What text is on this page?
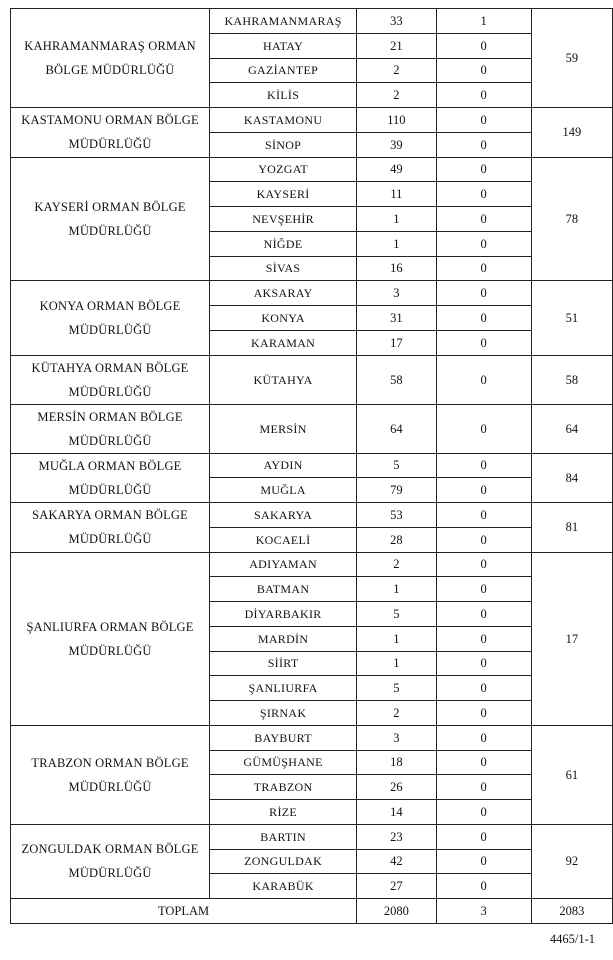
KAHRAMANMARAŞ ORMAN BÖLGE MÜDÜRLÜĞÜ	KAHRAMANMARAŞ	33	1	59
	HATAY	21	0	
	GAZİANTEP	2	0	
	KİLİS	2	0	
KASTAMONU ORMAN BÖLGE MÜDÜRLÜĞÜ	KASTAMONU	110	0	149
	SİNOP	39	0	
KAYSERİ ORMAN BÖLGE MÜDÜRLÜĞÜ	YOZGAT	49	0	78
	KAYSERİ	11	0	
	NEVŞEHİR	1	0	
	NİĞDE	1	0	
	SİVAS	16	0	
KONYA ORMAN BÖLGE MÜDÜRLÜĞÜ	AKSARAY	3	0	51
	KONYA	31	0	
	KARAMAN	17	0	
KÜTAHYA ORMAN BÖLGE MÜDÜRLÜĞÜ	KÜTAHYA	58	0	58
MERSİN ORMAN BÖLGE MÜDÜRLÜĞÜ	MERSİN	64	0	64
MUĞLA ORMAN BÖLGE MÜDÜRLÜĞÜ	AYDIN	5	0	84
	MUĞLA	79	0	
SAKARYA ORMAN BÖLGE MÜDÜRLÜĞÜ	SAKARYA	53	0	81
	KOCAELİ	28	0	
ŞANLIURFA ORMAN BÖLGE MÜDÜRLÜĞÜ	ADIYAMAN	2	0	17
	BATMAN	1	0	
	DİYARBAKIR	5	0	
	MARDİN	1	0	
	SİİRT	1	0	
	ŞANLIURFA	5	0	
	ŞIRNAK	2	0	
TRABZON ORMAN BÖLGE MÜDÜRLÜĞÜ	BAYBURT	3	0	61
	GÜMÜŞHANE	18	0	
	TRABZON	26	0	
	RİZE	14	0	
ZONGULDAK ORMAN BÖLGE MÜDÜRLÜĞÜ	BARTIN	23	0	92
	ZONGULDAK	42	0	
	KARABÜK	27	0	
TOPLAM		2080	3	2083
4465/1-1
